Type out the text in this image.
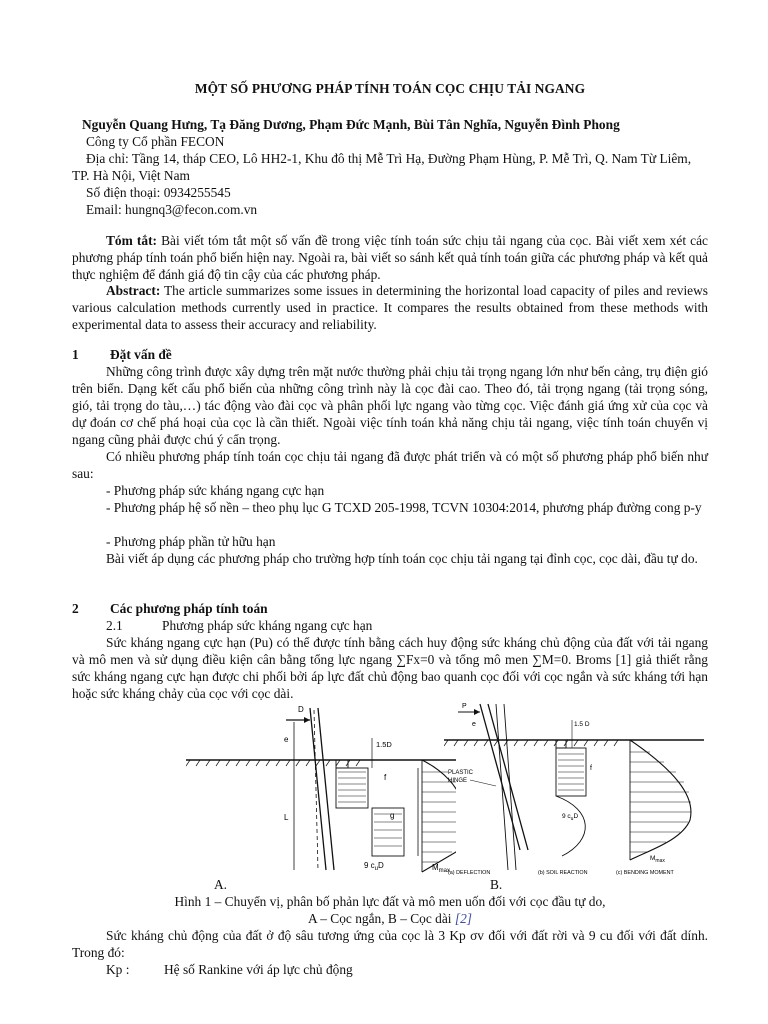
MỘT SỐ PHƯƠNG PHÁP TÍNH TOÁN CỌC CHỊU TẢI NGANG
Nguyễn Quang Hưng, Tạ Đăng Dương, Phạm Đức Mạnh, Bùi Tân Nghĩa, Nguyễn Đình Phong
Công ty Cổ phần FECON
Địa chỉ: Tầng 14, tháp CEO, Lô HH2-1, Khu đô thị Mễ Trì Hạ, Đường Phạm Hùng, P. Mễ Trì, Q. Nam Từ Liêm, TP. Hà Nội, Việt Nam
Số điện thoại: 0934255545
Email: hungnq3@fecon.com.vn
Tóm tắt: Bài viết tóm tắt một số vấn đề trong việc tính toán sức chịu tải ngang của cọc. Bài viết xem xét các phương pháp tính toán phổ biến hiện nay. Ngoài ra, bài viết so sánh kết quả tính toán giữa các phương pháp và kết quả thực nghiệm để đánh giá độ tin cậy của các phương pháp.
Abstract: The article summarizes some issues in determining the horizontal load capacity of piles and reviews various calculation methods currently used in practice. It compares the results obtained from these methods with experimental data to assess their accuracy and reliability.
1 Đặt vấn đề
Những công trình được xây dựng trên mặt nước thường phải chịu tải trọng ngang lớn như bến cảng, trụ điện gió trên biển. Dạng kết cấu phổ biến của những công trình này là cọc đài cao. Theo đó, tải trọng ngang (tải trọng sóng, gió, tải trọng do tàu,…) tác động vào đài cọc và phân phối lực ngang vào từng cọc. Việc đánh giá ứng xử của cọc và dự đoán cơ chế phá hoại của cọc là cần thiết. Ngoài việc tính toán khả năng chịu tải ngang, việc tính toán chuyển vị ngang cũng phải được chú ý cẩn trọng.
Có nhiều phương pháp tính toán cọc chịu tải ngang đã được phát triển và có một số phương pháp phổ biến như sau:
- Phương pháp sức kháng ngang cực hạn
- Phương pháp hệ số nền – theo phụ lục G TCXD 205-1998, TCVN 10304:2014, phương pháp đường cong p-y
- Phương pháp phần tử hữu hạn
Bài viết áp dụng các phương pháp cho trường hợp tính toán cọc chịu tải ngang tại đỉnh cọc, cọc dài, đầu tự do.
2 Các phương pháp tính toán
2.1	Phương pháp sức kháng ngang cực hạn
Sức kháng ngang cực hạn (Pu) có thể được tính bằng cách huy động sức kháng chủ động của đất với tải ngang và mô men và sử dụng điều kiện cân bằng tổng lực ngang ∑Fx=0 và tổng mô men ∑M=0. Broms [1] giả thiết rằng sức kháng ngang cực hạn được chi phối bởi áp lực đất chủ động bao quanh cọc đối với cọc ngắn và sức kháng tới hạn hoặc sức kháng chảy của cọc với cọc dài.
e
L
D
1.5D
f
g
9 $c_uD$	$M_{max}$
P
e
PLASTIC HINGE
1.5 D
f
9 $c_uD$
$M_{max}$
(a) DEFLECTION	(b) SOIL REACTION	(c) BENDING MOMENT
A.	B.
Hình 1 – Chuyển vị, phân bố phản lực đất và mô men uốn đối với cọc đầu tự do,
A – Cọc ngắn, B – Cọc dài [2]
Sức kháng chủ động của đất ở độ sâu tương ứng của cọc là 3 Kp σv đối với đất rời và 9 cu đối với đất dính. Trong đó:
Kp :	Hệ số Rankine với áp lực chủ động
